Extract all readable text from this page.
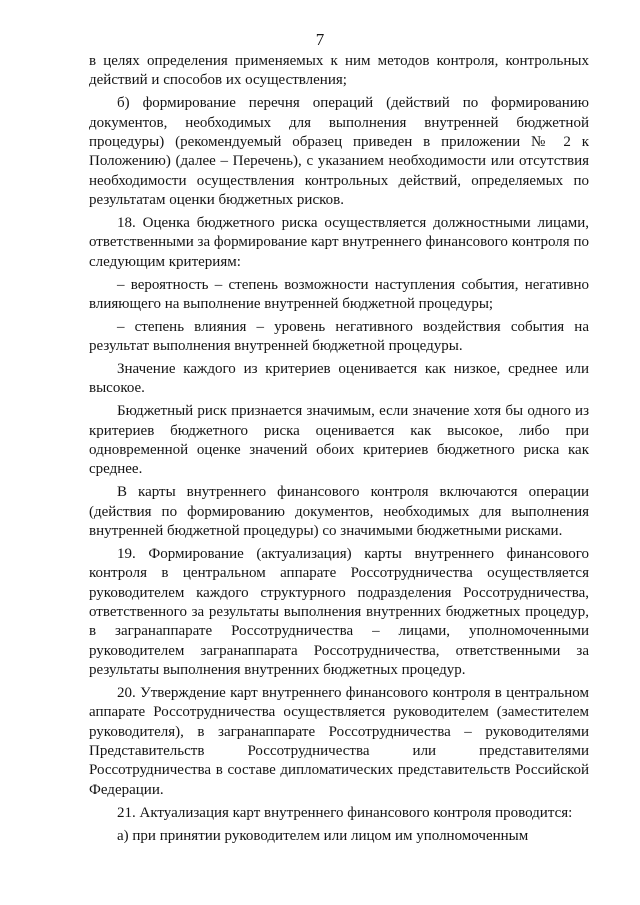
7

в целях определения применяемых к ним методов контроля, контрольных действий и способов их осуществления;

б) формирование перечня операций (действий по формированию документов, необходимых для выполнения внутренней бюджетной процедуры) (рекомендуемый образец приведен в приложении № 2 к Положению) (далее – Перечень), с указанием необходимости или отсутствия необходимости осуществления контрольных действий, определяемых по результатам оценки бюджетных рисков.

18. Оценка бюджетного риска осуществляется должностными лицами, ответственными за формирование карт внутреннего финансового контроля по следующим критериям:

– вероятность – степень возможности наступления события, негативно влияющего на выполнение внутренней бюджетной процедуры;

– степень влияния – уровень негативного воздействия события на результат выполнения внутренней бюджетной процедуры.

Значение каждого из критериев оценивается как низкое, среднее или высокое.

Бюджетный риск признается значимым, если значение хотя бы одного из критериев бюджетного риска оценивается как высокое, либо при одновременной оценке значений обоих критериев бюджетного риска как среднее.

В карты внутреннего финансового контроля включаются операции (действия по формированию документов, необходимых для выполнения внутренней бюджетной процедуры) со значимыми бюджетными рисками.

19. Формирование (актуализация) карты внутреннего финансового контроля в центральном аппарате Россотрудничества осуществляется руководителем каждого структурного подразделения Россотрудничества, ответственного за результаты выполнения внутренних бюджетных процедур, в загранаппарате Россотрудничества – лицами, уполномоченными руководителем загранаппарата Россотрудничества, ответственными за результаты выполнения внутренних бюджетных процедур.

20. Утверждение карт внутреннего финансового контроля в центральном аппарате Россотрудничества осуществляется руководителем (заместителем руководителя), в загранаппарате Россотрудничества – руководителями Представительств Россотрудничества или представителями Россотрудничества в составе дипломатических представительств Российской Федерации.

21. Актуализация карт внутреннего финансового контроля проводится:

а) при принятии руководителем или лицом им уполномоченным
